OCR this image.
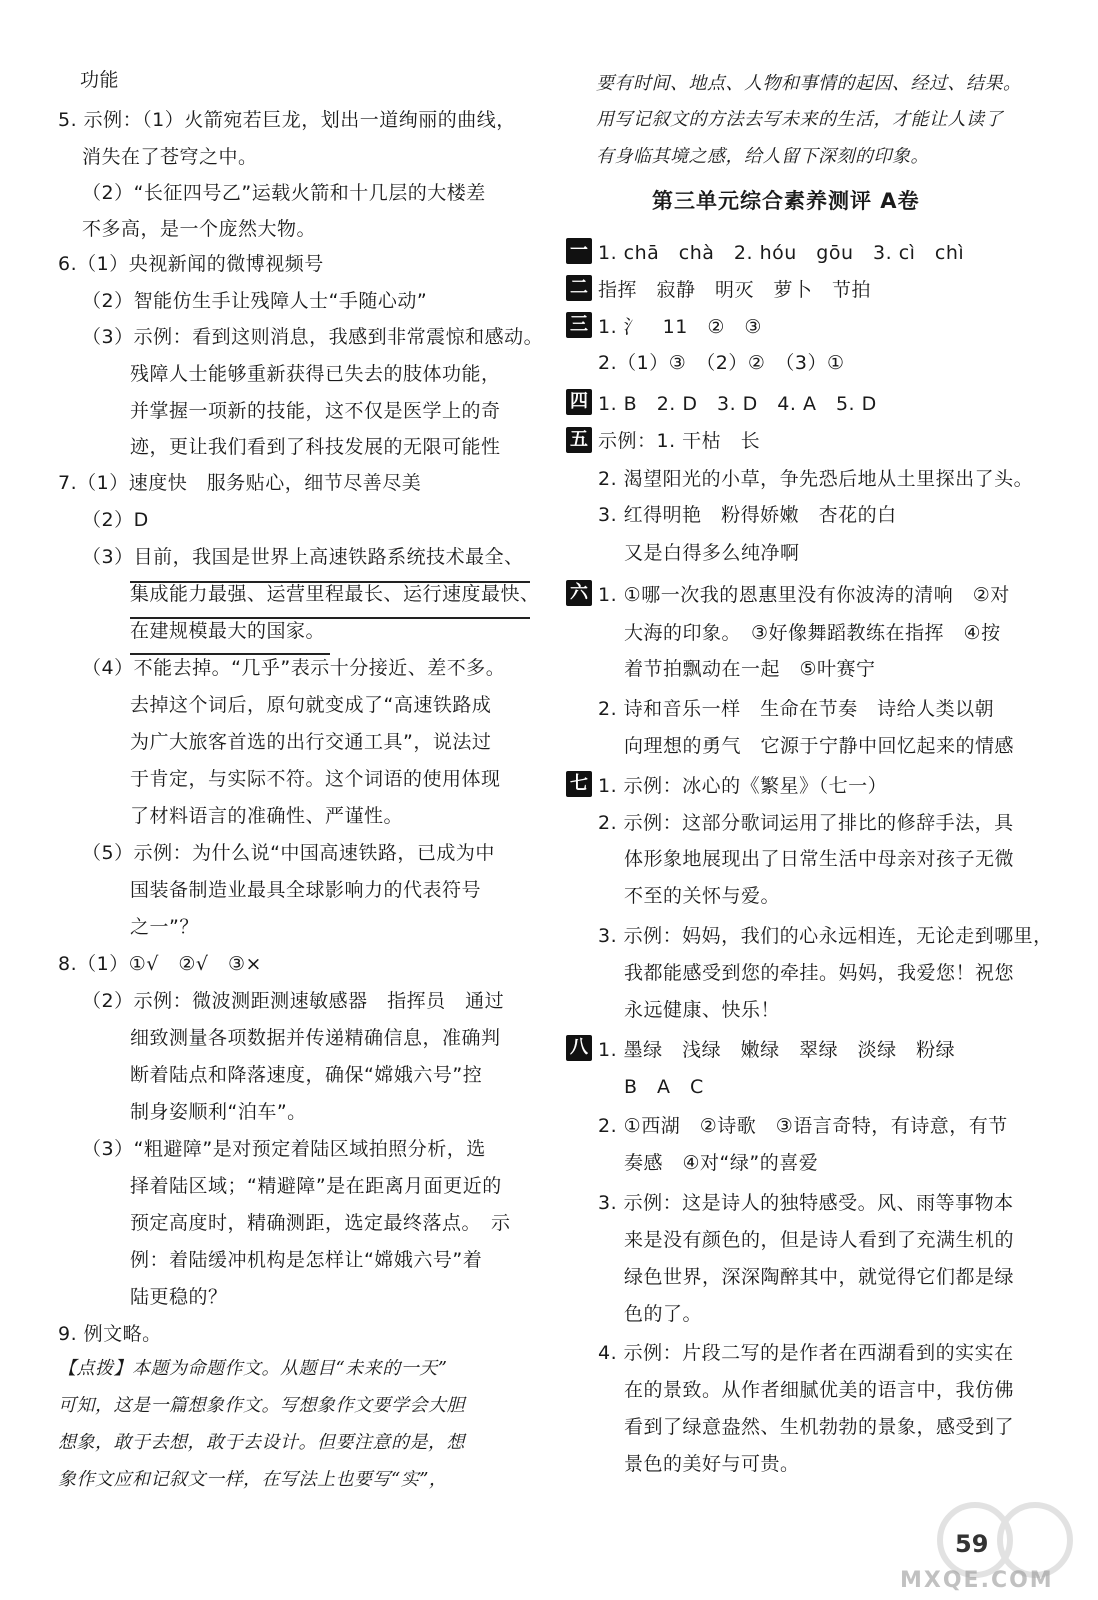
功能
5. 示例：（1）火箭宛若巨龙，划出一道绚丽的曲线，
消失在了苍穹之中。
（2）“长征四号乙”运载火箭和十几层的大楼差
不多高，是一个庞然大物。
6.（1）央视新闻的微博视频号
（2）智能仿生手让残障人士“手随心动”
（3）示例：看到这则消息，我感到非常震惊和感动。
残障人士能够重新获得已失去的肢体功能，
并掌握一项新的技能，这不仅是医学上的奇
迹，更让我们看到了科技发展的无限可能性
7.（1）速度快　服务贴心，细节尽善尽美
（2）D
（3）目前，我国是世界上高速铁路系统技术最全、
集成能力最强、运营里程最长、运行速度最快、
在建规模最大的国家。
（4）不能去掉。“几乎”表示十分接近、差不多。
去掉这个词后，原句就变成了“高速铁路成
为广大旅客首选的出行交通工具”，说法过
于肯定，与实际不符。这个词语的使用体现
了材料语言的准确性、严谨性。
（5）示例：为什么说“中国高速铁路，已成为中
国装备制造业最具全球影响力的代表符号
之一”？
8.（1）①√　②√　③×
（2）示例：微波测距测速敏感器　指挥员　通过
细致测量各项数据并传递精确信息，准确判
断着陆点和降落速度，确保“嫦娥六号”控
制身姿顺利“泊车”。
（3）“粗避障”是对预定着陆区域拍照分析，选
择着陆区域；“精避障”是在距离月面更近的
预定高度时，精确测距，选定最终落点。　示
例：着陆缓冲机构是怎样让“嫦娥六号”着
陆更稳的？
9. 例文略。
【点拨】本题为命题作文。从题目“未来的一天”
可知，这是一篇想象作文。写想象作文要学会大胆
想象，敢于去想，敢于去设计。但要注意的是，想
象作文应和记叙文一样，在写法上也要写“实”，
要有时间、地点、人物和事情的起因、经过、结果。
用写记叙文的方法去写未来的生活，才能让人读了
有身临其境之感，给人留下深刻的印象。
1. chā　chà　2. hóu　gōu　3. cì　chì
指挥　寂静　明灭　萝卜　节拍
1. 氵　11　②　③
2.（1）③　（2）②　（3）①
1. B　2. D　3. D　4. A　5. D
示例：1. 干枯　长
2. 渴望阳光的小草，争先恐后地从土里探出了头。
3. 红得明艳　粉得娇嫩　杏花的白
又是白得多么纯净啊
1. ①哪一次我的恩惠里没有你波涛的清响　②对
大海的印象。　③好像舞蹈教练在指挥　④按
着节拍飘动在一起　⑤叶赛宁
2. 诗和音乐一样　生命在节奏　诗给人类以朝
向理想的勇气　它源于宁静中回忆起来的情感
1. 示例：冰心的《繁星》（七一）
2. 示例：这部分歌词运用了排比的修辞手法，具
体形象地展现出了日常生活中母亲对孩子无微
不至的关怀与爱。
3. 示例：妈妈，我们的心永远相连，无论走到哪里，
我都能感受到您的牵挂。妈妈，我爱您！祝您
永远健康、快乐！
1. 墨绿　浅绿　嫩绿　翠绿　淡绿　粉绿
B　A　C
2. ①西湖　②诗歌　③语言奇特，有诗意，有节
奏感　④对“绿”的喜爱
3. 示例：这是诗人的独特感受。风、雨等事物本
来是没有颜色的，但是诗人看到了充满生机的
绿色世界，深深陶醉其中，就觉得它们都是绿
色的了。
4. 示例：片段二写的是作者在西湖看到的实实在
在的景致。从作者细腻优美的语言中，我仿佛
看到了绿意盎然、生机勃勃的景象，感受到了
景色的美好与可贵。
一
二
三
四
五
六
七
八
第三单元综合素养测评 A卷
59
MXQE.COM
